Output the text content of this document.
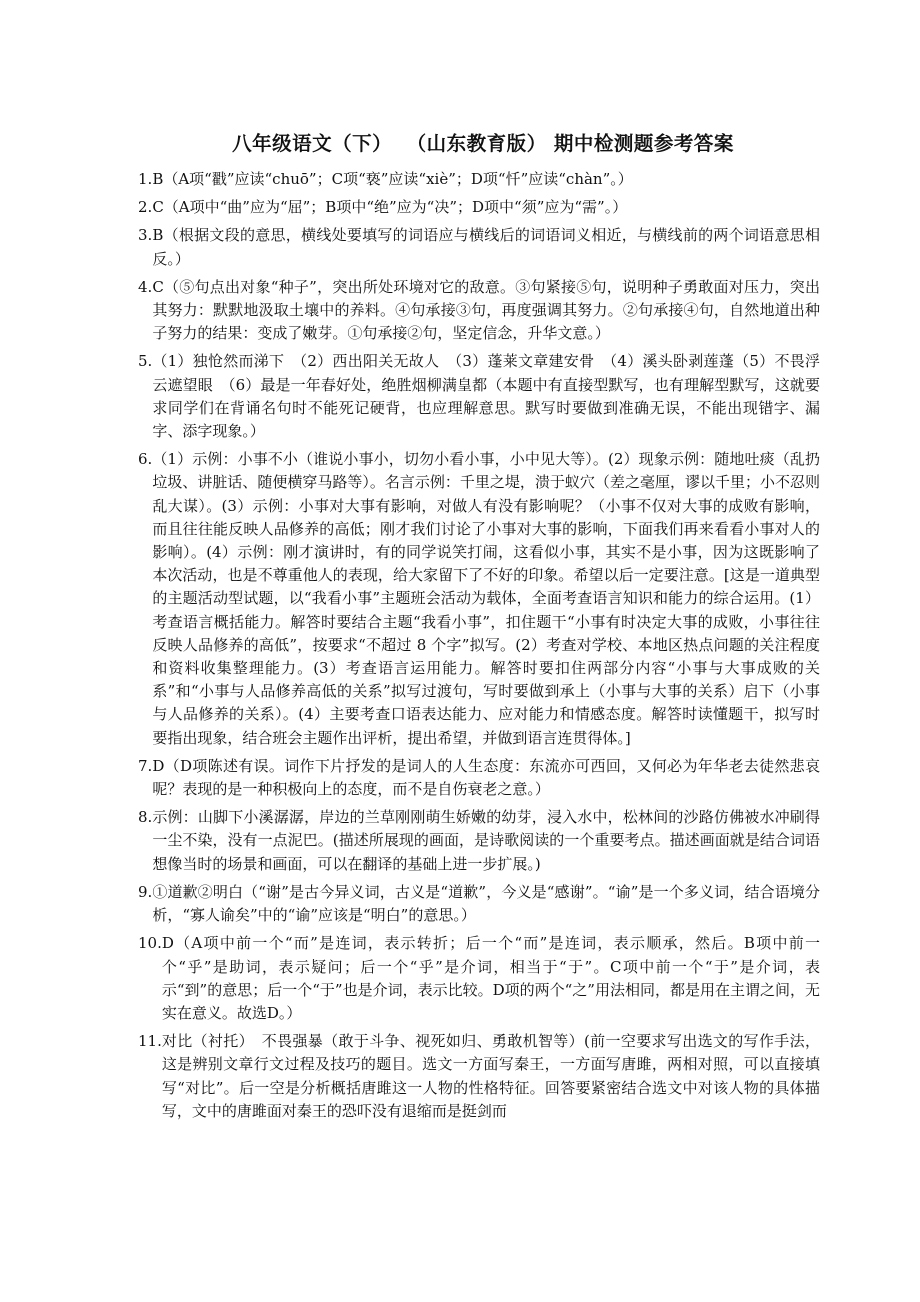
八年级语文（下）  （山东教育版） 期中检测题参考答案
1. B（A项“戳”应读“chuō”；C项“亵”应读“xiè”；D项“忏”应读“chàn”。）
2. C（A项中“曲”应为“屈”；B项中“绝”应为“决”；D项中“须”应为“需”。）
3. B（根据文段的意思，横线处要填写的词语应与横线后的词语词义相近，与横线前的两个词语意思相反。）
4. C（⑤句点出对象“种子”，突出所处环境对它的敌意。③句紧接⑤句，说明种子勇敢面对压力，突出其努力：默默地汲取土壤中的养料。④句承接③句，再度强调其努力。②句承接④句，自然地道出种子努力的结果：变成了嫩芽。①句承接②句，坚定信念，升华文意。）
5. （1）独怆然而涕下　（2）西出阳关无故人　（3）蓬莱文章建安骨　（4）溪头卧剥莲蓬（5）不畏浮云遮望眼　（6）最是一年春好处，绝胜烟柳满皇都（本题中有直接型默写，也有理解型默写，这就要求同学们在背诵名句时不能死记硬背，也应理解意思。默写时要做到准确无误，不能出现错字、漏字、添字现象。）
6. （1）示例：小事不小（谁说小事小，切勿小看小事，小中见大等）。(2）现象示例：随地吐痰（乱扔垃圾、讲脏话、随便横穿马路等）。名言示例：千里之堤，溃于蚁穴（差之毫厘，谬以千里；小不忍则乱大谋）。(3）示例：小事对大事有影响，对做人有没有影响呢？（小事不仅对大事的成败有影响，而且往往能反映人品修养的高低；刚才我们讨论了小事对大事的影响，下面我们再来看看小事对人的影响）。(4）示例：刚才演讲时，有的同学说笑打闹，这看似小事，其实不是小事，因为这既影响了本次活动，也是不尊重他人的表现，给大家留下了不好的印象。希望以后一定要注意。[这是一道典型的主题活动型试题，以“我看小事”主题班会活动为载体，全面考查语言知识和能力的综合运用。(1）考查语言概括能力。解答时要结合主题“我看小事”，扣住题干“小事有时决定大事的成败，小事往往反映人品修养的高低”，按要求“不超过 8 个字”拟写。(2）考查对学校、本地区热点问题的关注程度和资料收集整理能力。(3）考查语言运用能力。解答时要扣住两部分内容“小事与大事成败的关系”和“小事与人品修养高低的关系”拟写过渡句，写时要做到承上（小事与大事的关系）启下（小事与人品修养的关系）。(4）主要考查口语表达能力、应对能力和情感态度。解答时读懂题干，拟写时要指出现象，结合班会主题作出评析，提出希望，并做到语言连贯得体。]
7. D（D项陈述有误。词作下片抒发的是词人的人生态度：东流亦可西回，又何必为年华老去徒然悲哀呢？表现的是一种积极向上的态度，而不是自伤衰老之意。）
8. 示例：山脚下小溪潺潺，岸边的兰草刚刚萌生娇嫩的幼芽，浸入水中，松林间的沙路仿佛被水冲刷得一尘不染，没有一点泥巴。(描述所展现的画面，是诗歌阅读的一个重要考点。描述画面就是结合词语想像当时的场景和画面，可以在翻译的基础上进一步扩展。)
9. ①道歉②明白（“谢”是古今异义词，古义是“道歉”，今义是“感谢”。“谕”是一个多义词，结合语境分析，“寡人谕矣”中的“谕”应该是“明白”的意思。）
10. D（A项中前一个“而”是连词，表示转折；后一个“而”是连词，表示顺承，然后。B项中前一个“乎”是助词，表示疑问；后一个“乎”是介词，相当于“于”。C项中前一个“于”是介词，表示“到”的意思；后一个“于”也是介词，表示比较。D项的两个“之”用法相同，都是用在主谓之间，无实在意义。故选D。）
11. 对比（衬托）　不畏强暴（敢于斗争、视死如归、勇敢机智等）(前一空要求写出选文的写作手法，这是辨别文章行文过程及技巧的题目。选文一方面写秦王，一方面写唐雎，两相对照，可以直接填写“对比”。后一空是分析概括唐雎这一人物的性格特征。回答要紧密结合选文中对该人物的具体描写，文中的唐雎面对秦王的恐吓没有退缩而是挺剑而
